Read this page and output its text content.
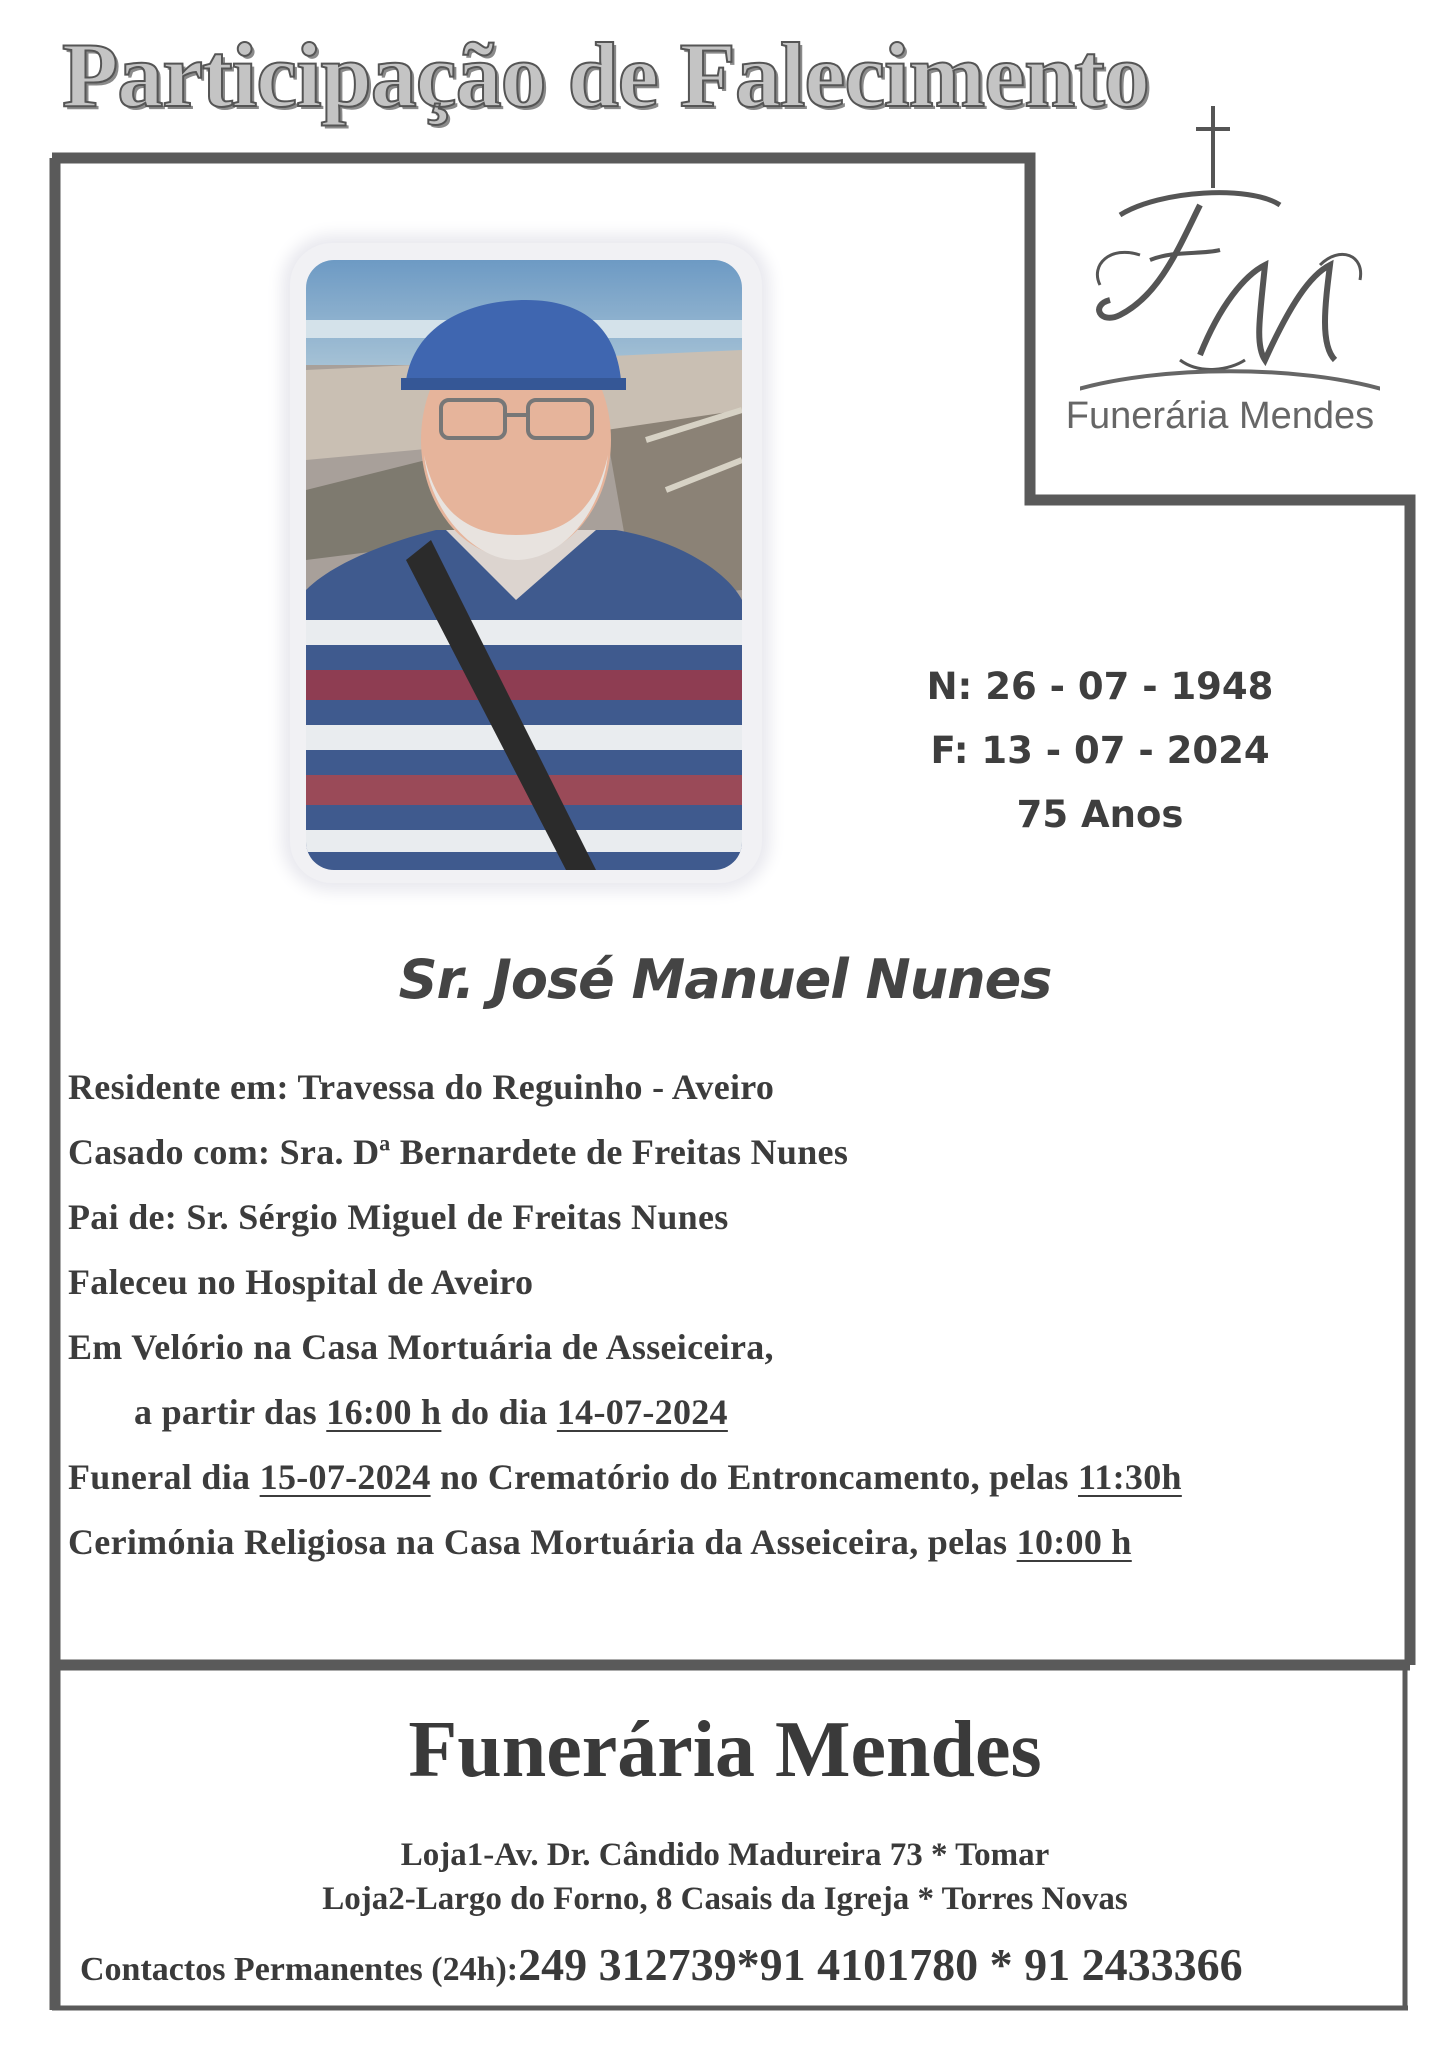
Participação de Falecimento
Funerária Mendes
N: 26 - 07 - 1948
F: 13 - 07 - 2024
75 Anos
Sr. José Manuel Nunes
Residente em: Travessa do Reguinho - Aveiro
Casado com: Sra. Dª Bernardete de Freitas Nunes
Pai de: Sr. Sérgio Miguel de Freitas Nunes
Faleceu no Hospital de Aveiro
Em Velório na Casa Mortuária de Asseiceira,
a partir das 16:00 h do dia 14-07-2024
Funeral dia 15-07-2024 no Crematório do Entroncamento, pelas 11:30h
Cerimónia Religiosa na Casa Mortuária da Asseiceira, pelas 10:00 h
Funerária Mendes
Loja1-Av. Dr. Cândido Madureira 73 * Tomar
Loja2-Largo do Forno, 8 Casais da Igreja * Torres Novas
Contactos Permanentes (24h):249 312739*91 4101780 * 91 2433366
